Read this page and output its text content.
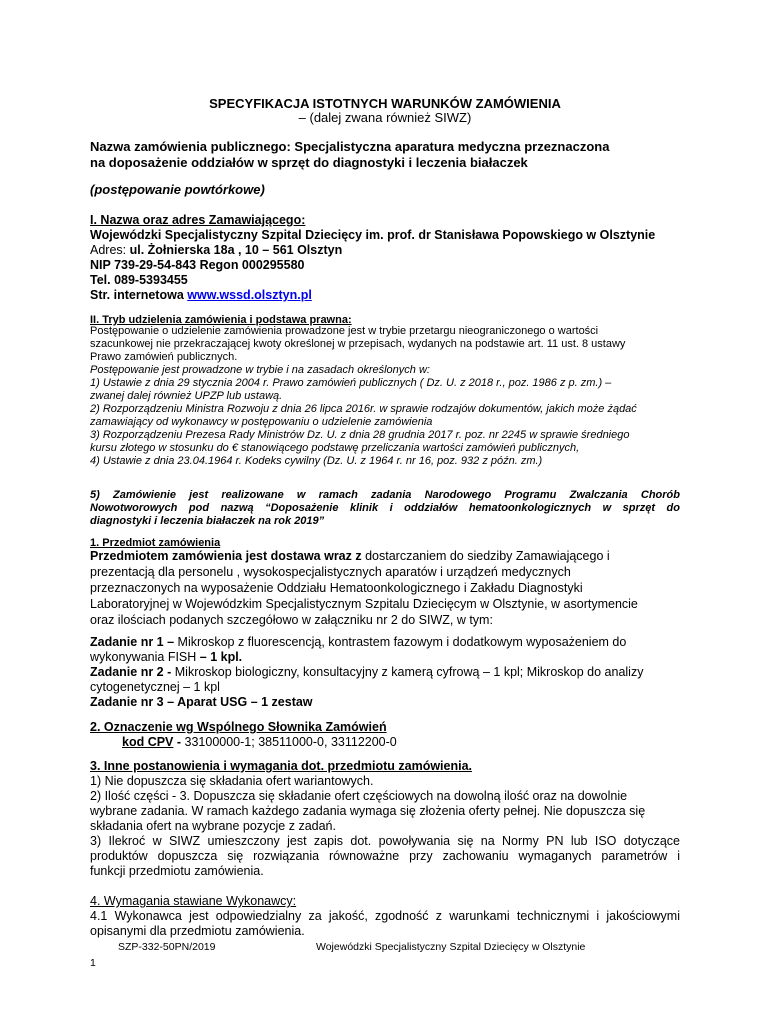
SPECYFIKACJA ISTOTNYCH WARUNKÓW ZAMÓWIENIA
– (dalej zwana również SIWZ)
Nazwa zamówienia publicznego: Specjalistyczna aparatura medyczna przeznaczona
na doposażenie oddziałów w sprzęt do diagnostyki i leczenia białaczek
(postępowanie powtórkowe)
I. Nazwa oraz adres Zamawiającego:
Wojewódzki Specjalistyczny Szpital Dziecięcy im. prof. dr Stanisława Popowskiego w Olsztynie
Adres: ul. Żołnierska 18a , 10 – 561 Olsztyn
NIP 739-29-54-843 Regon 000295580
Tel. 089-5393455
Str. internetowa www.wssd.olsztyn.pl
II. Tryb udzielenia zamówienia i podstawa prawna:
Postępowanie o udzielenie zamówienia prowadzone jest w trybie przetargu nieograniczonego o wartości
szacunkowej nie przekraczającej kwoty określonej w przepisach, wydanych na podstawie art. 11 ust. 8 ustawy
Prawo zamówień publicznych.
Postępowanie jest prowadzone w trybie i na zasadach określonych w:
1) Ustawie z dnia 29 stycznia 2004 r. Prawo zamówień publicznych ( Dz. U. z 2018 r., poz. 1986 z p. zm.) –
zwanej dalej również UPZP lub ustawą.
2) Rozporządzeniu Ministra Rozwoju z dnia 26 lipca 2016r. w sprawie rodzajów dokumentów, jakich może żądać
zamawiający od wykonawcy w postępowaniu o udzielenie zamówienia
3) Rozporządzeniu Prezesa Rady Ministrów Dz. U. z dnia 28 grudnia 2017 r. poz. nr 2245 w sprawie średniego
kursu złotego w stosunku do € stanowiącego podstawę przeliczania wartości zamówień publicznych,
4) Ustawie z dnia 23.04.1964 r. Kodeks cywilny (Dz. U. z 1964 r. nr 16, poz. 932 z późn. zm.)
5) Zamówienie jest realizowane w ramach zadania Narodowego Programu Zwalczania Chorób
Nowotworowych pod nazwą “Doposażenie klinik i oddziałów hematoonkologicznych w sprzęt do
diagnostyki i leczenia białaczek na rok 2019”
1. Przedmiot zamówienia
Przedmiotem zamówienia jest dostawa wraz z dostarczaniem do siedziby Zamawiającego i
prezentacją dla personelu , wysokospecjalistycznych aparatów i urządzeń medycznych
przeznaczonych na wyposażenie Oddziału Hematoonkologicznego i Zakładu Diagnostyki
Laboratoryjnej w Wojewódzkim Specjalistycznym Szpitalu Dziecięcym w Olsztynie, w asortymencie
oraz ilościach podanych szczegółowo w załączniku nr 2 do SIWZ, w tym:
Zadanie nr 1 – Mikroskop z fluorescencją, kontrastem fazowym i dodatkowym wyposażeniem do
wykonywania FISH – 1 kpl.
Zadanie nr 2 - Mikroskop biologiczny, konsultacyjny z kamerą cyfrową – 1 kpl; Mikroskop do analizy
cytogenetycznej – 1 kpl
Zadanie nr 3 – Aparat USG – 1 zestaw
2. Oznaczenie wg Wspólnego Słownika Zamówień
kod CPV - 33100000-1; 38511000-0, 33112200-0
3. Inne postanowienia i wymagania dot. przedmiotu zamówienia.
1) Nie dopuszcza się składania ofert wariantowych.
2) Ilość części - 3. Dopuszcza się składanie ofert częściowych na dowolną ilość oraz na dowolnie
wybrane zadania. W ramach każdego zadania wymaga się złożenia oferty pełnej. Nie dopuszcza się
składania ofert na wybrane pozycje z zadań.
3) Ilekroć w SIWZ umieszczony jest zapis dot. powoływania się na Normy PN lub ISO dotyczące
produktów dopuszcza się rozwiązania równoważne przy zachowaniu wymaganych parametrów i
funkcji przedmiotu zamówienia.
4. Wymagania stawiane Wykonawcy:
4.1 Wykonawca jest odpowiedzialny za jakość, zgodność z warunkami technicznymi i jakościowymi
opisanymi dla przedmiotu zamówienia.
SZP-332-50PN/2019	Wojewódzki Specjalistyczny Szpital Dziecięcy w Olsztynie
1
